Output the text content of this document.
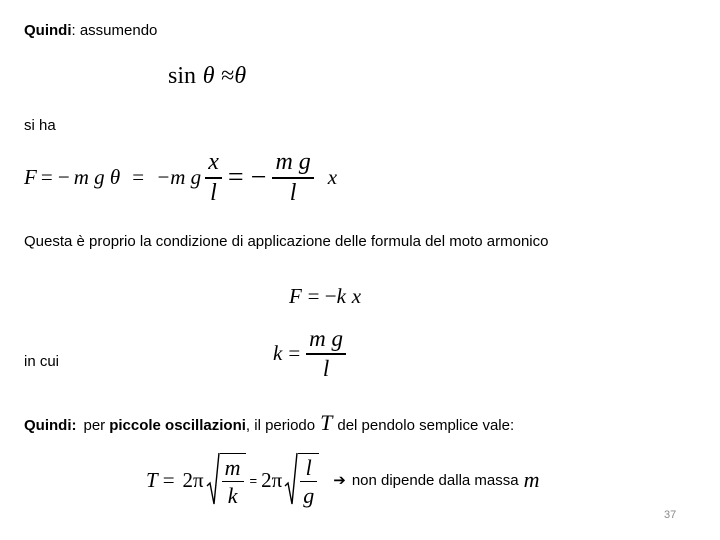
Quindi: assumendo
sin θ ≈θ
si ha
F = − m g θ = −m g $\frac{x}{l}$ = − $\frac{\text{m g}}{l}$ x
Questa è proprio la condizione di applicazione delle formula del moto armonico
F = −k x
in cui	$k = \frac{\text{m g}}{l}$
Quindi: per piccole oscillazioni , il periodo T del pendolo semplice vale:
$T = 2\pi \frac{m}{k} = 2\pi \frac{l}{g}$ ➔ non dipende dalla massa m
37
